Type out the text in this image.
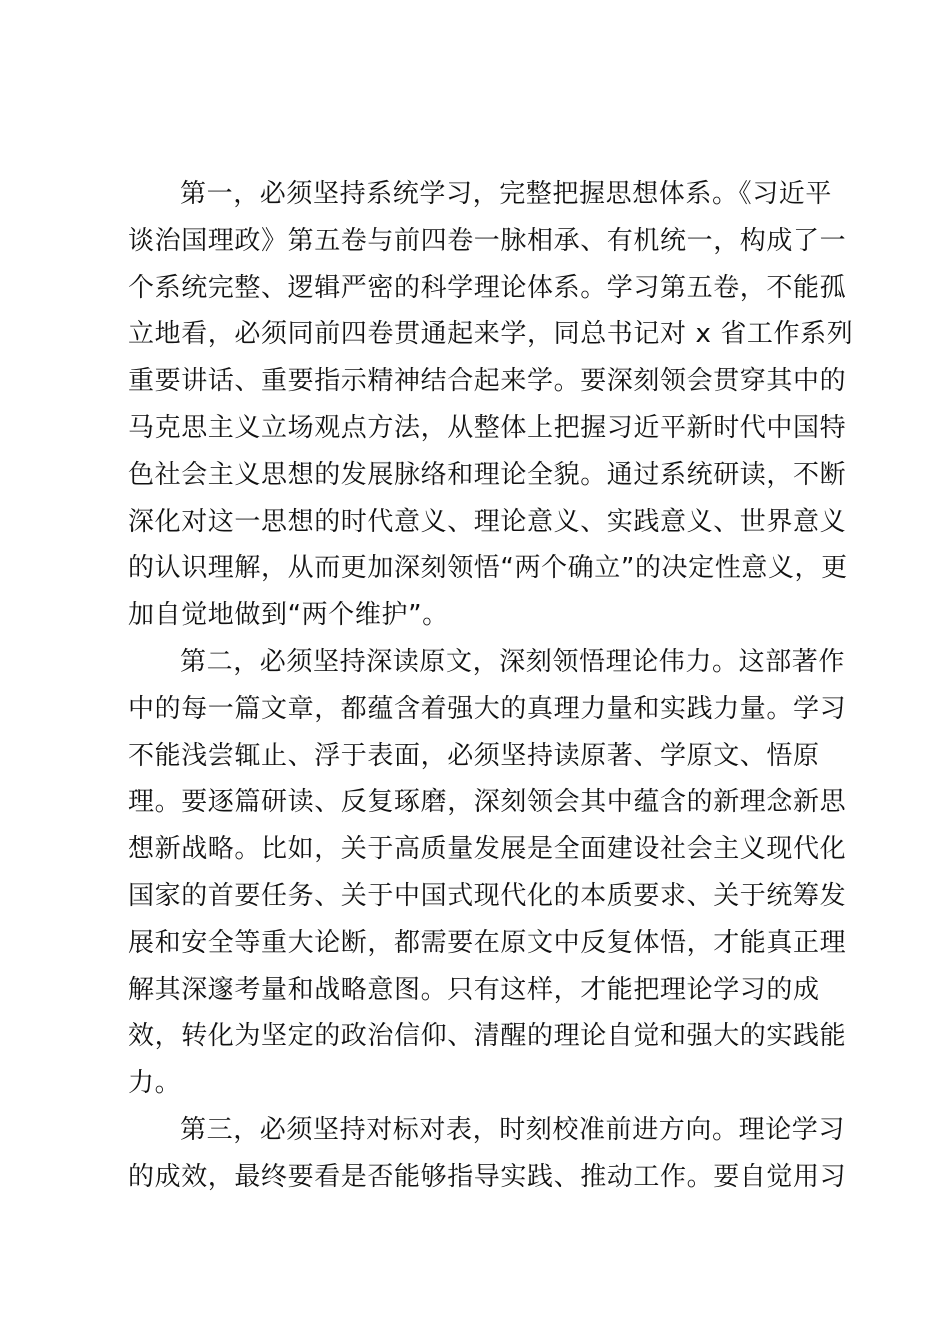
第一，必须坚持系统学习，完整把握思想体系。《习近平
谈治国理政》第五卷与前四卷一脉相承、有机统一，构成了一
个系统完整、逻辑严密的科学理论体系。学习第五卷，不能孤
立地看，必须同前四卷贯通起来学，同总书记对 x 省工作系列
重要讲话、重要指示精神结合起来学。要深刻领会贯穿其中的
马克思主义立场观点方法，从整体上把握习近平新时代中国特
色社会主义思想的发展脉络和理论全貌。通过系统研读，不断
深化对这一思想的时代意义、理论意义、实践意义、世界意义
的认识理解，从而更加深刻领悟“两个确立”的决定性意义，更
加自觉地做到“两个维护”。
第二，必须坚持深读原文，深刻领悟理论伟力。这部著作
中的每一篇文章，都蕴含着强大的真理力量和实践力量。学习
不能浅尝辄止、浮于表面，必须坚持读原著、学原文、悟原
理。要逐篇研读、反复琢磨，深刻领会其中蕴含的新理念新思
想新战略。比如，关于高质量发展是全面建设社会主义现代化
国家的首要任务、关于中国式现代化的本质要求、关于统筹发
展和安全等重大论断，都需要在原文中反复体悟，才能真正理
解其深邃考量和战略意图。只有这样，才能把理论学习的成
效，转化为坚定的政治信仰、清醒的理论自觉和强大的实践能
力。
第三，必须坚持对标对表，时刻校准前进方向。理论学习
的成效，最终要看是否能够指导实践、推动工作。要自觉用习
